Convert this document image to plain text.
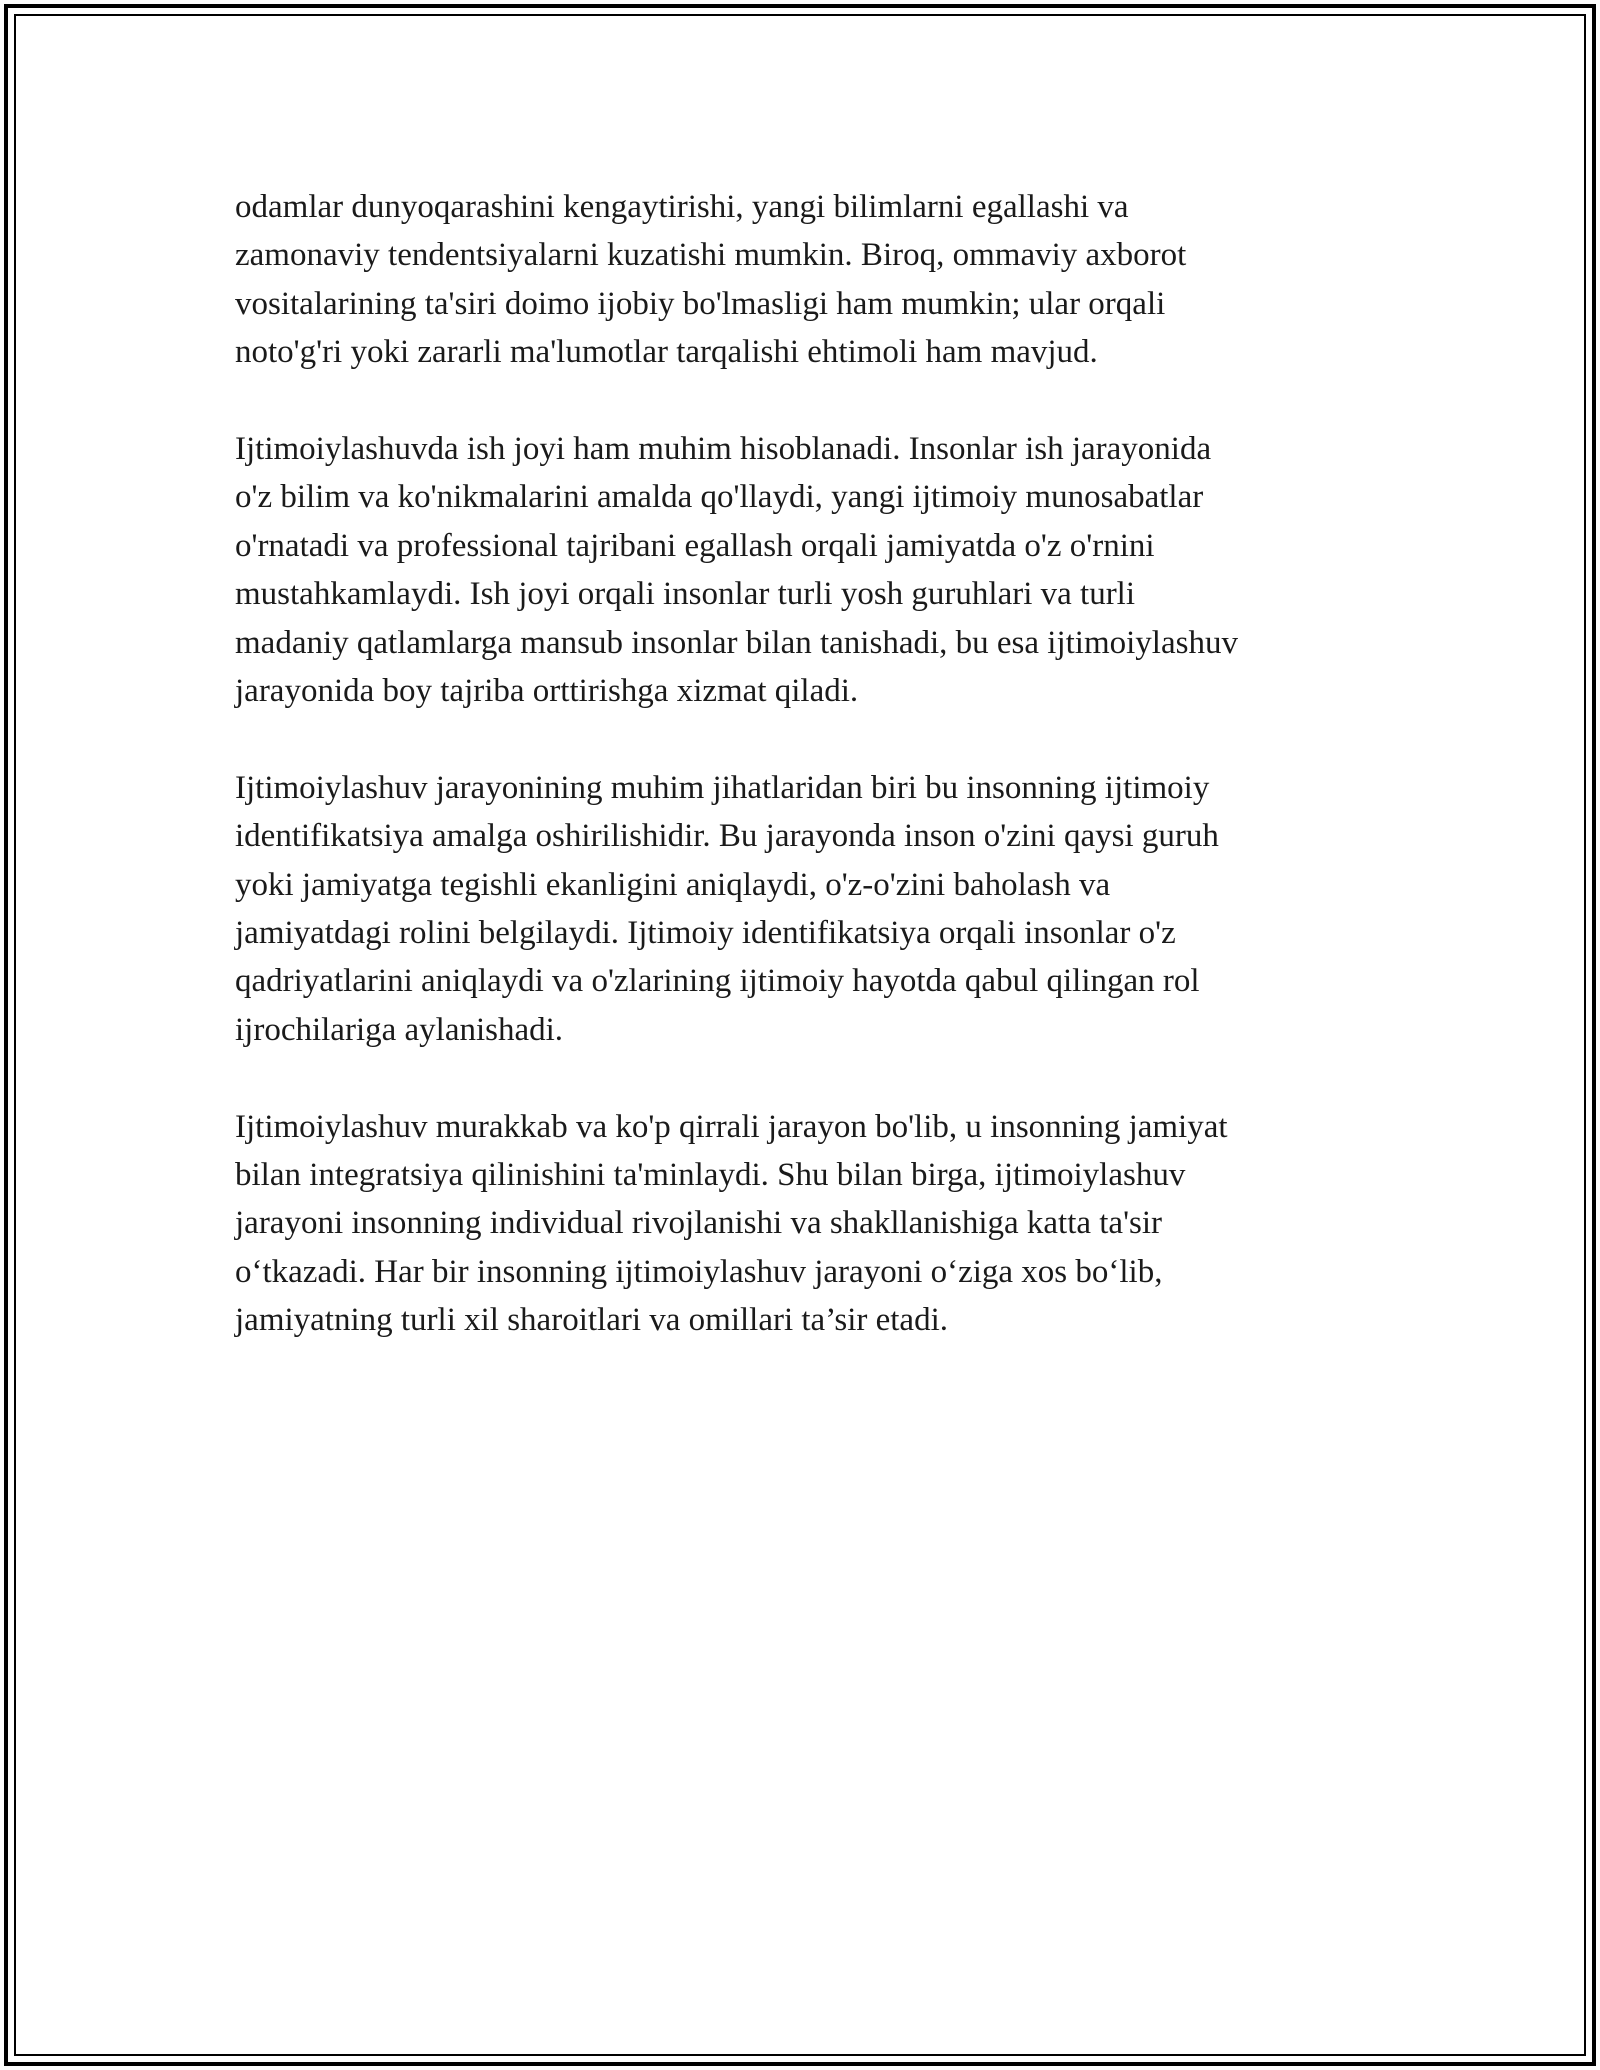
odamlar dunyoqarashini kengaytirishi, yangi bilimlarni egallashi va
zamonaviy tendentsiyalarni kuzatishi mumkin. Biroq, ommaviy axborot
vositalarining ta'siri doimo ijobiy bo'lmasligi ham mumkin; ular orqali
noto'g'ri yoki zararli ma'lumotlar tarqalishi ehtimoli ham mavjud.

Ijtimoiylashuvda ish joyi ham muhim hisoblanadi. Insonlar ish jarayonida
o'z bilim va ko'nikmalarini amalda qo'llaydi, yangi ijtimoiy munosabatlar
o'rnatadi va professional tajribani egallash orqali jamiyatda o'z o'rnini
mustahkamlaydi. Ish joyi orqali insonlar turli yosh guruhlari va turli
madaniy qatlamlarga mansub insonlar bilan tanishadi, bu esa ijtimoiylashuv
jarayonida boy tajriba orttirishga xizmat qiladi.

Ijtimoiylashuv jarayonining muhim jihatlaridan biri bu insonning ijtimoiy
identifikatsiya amalga oshirilishidir. Bu jarayonda inson o'zini qaysi guruh
yoki jamiyatga tegishli ekanligini aniqlaydi, o'z-o'zini baholash va
jamiyatdagi rolini belgilaydi. Ijtimoiy identifikatsiya orqali insonlar o'z
qadriyatlarini aniqlaydi va o'zlarining ijtimoiy hayotda qabul qilingan rol
ijrochilariga aylanishadi.

Ijtimoiylashuv murakkab va ko'p qirrali jarayon bo'lib, u insonning jamiyat
bilan integratsiya qilinishini ta'minlaydi. Shu bilan birga, ijtimoiylashuv
jarayoni insonning individual rivojlanishi va shakllanishiga katta ta'sir
o‘tkazadi. Har bir insonning ijtimoiylashuv jarayoni o‘ziga xos bo‘lib,
jamiyatning turli xil sharoitlari va omillari ta’sir etadi.
